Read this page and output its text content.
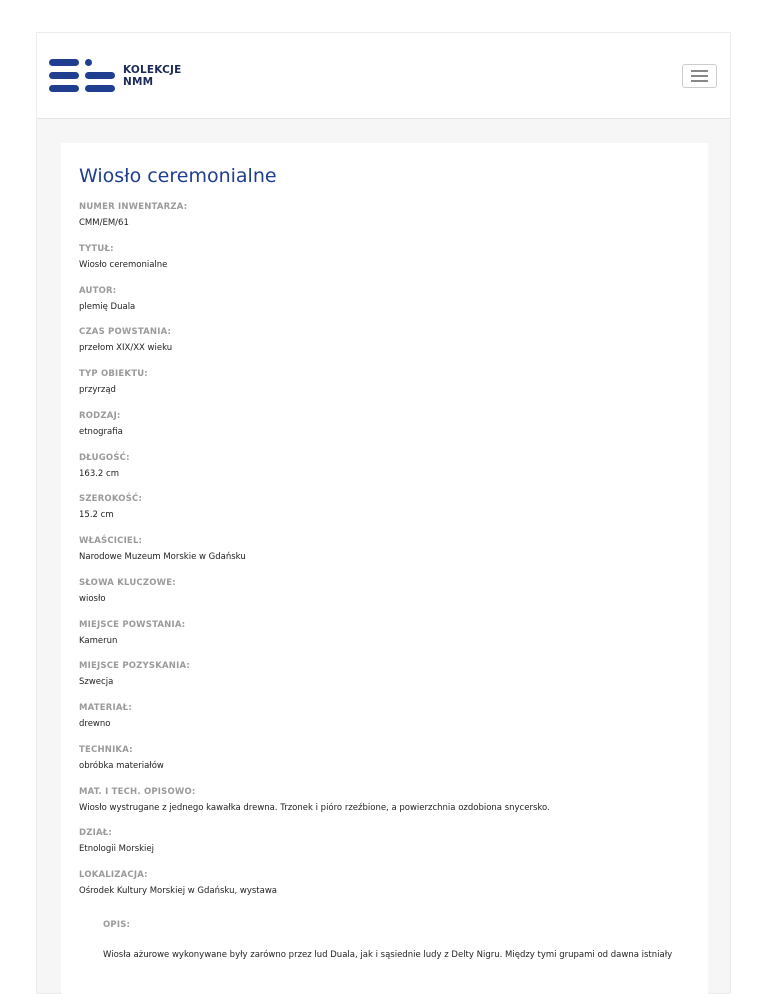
KOLEKCJE
NMM
Wiosło ceremonialne
NUMER INWENTARZA:
CMM/EM/61
TYTUŁ:
Wiosło ceremonialne
AUTOR:
plemię Duala
CZAS POWSTANIA:
przełom XIX/XX wieku
TYP OBIEKTU:
przyrząd
RODZAJ:
etnografia
DŁUGOŚĆ:
163.2 cm
SZEROKOŚĆ:
15.2 cm
WŁAŚCICIEL:
Narodowe Muzeum Morskie w Gdańsku
SŁOWA KLUCZOWE:
wiosło
MIEJSCE POWSTANIA:
Kamerun
MIEJSCE POZYSKANIA:
Szwecja
MATERIAŁ:
drewno
TECHNIKA:
obróbka materiałów
MAT. I TECH. OPISOWO:
Wiosło wystrugane z jednego kawałka drewna. Trzonek i pióro rzeźbione, a powierzchnia ozdobiona snycersko.
DZIAŁ:
Etnologii Morskiej
LOKALIZACJA:
Ośrodek Kultury Morskiej w Gdańsku, wystawa
OPIS:
Wiosła ażurowe wykonywane były zarówno przez lud Duala, jak i sąsiednie ludy z Delty Nigru. Między tymi grupami od dawna istniały
